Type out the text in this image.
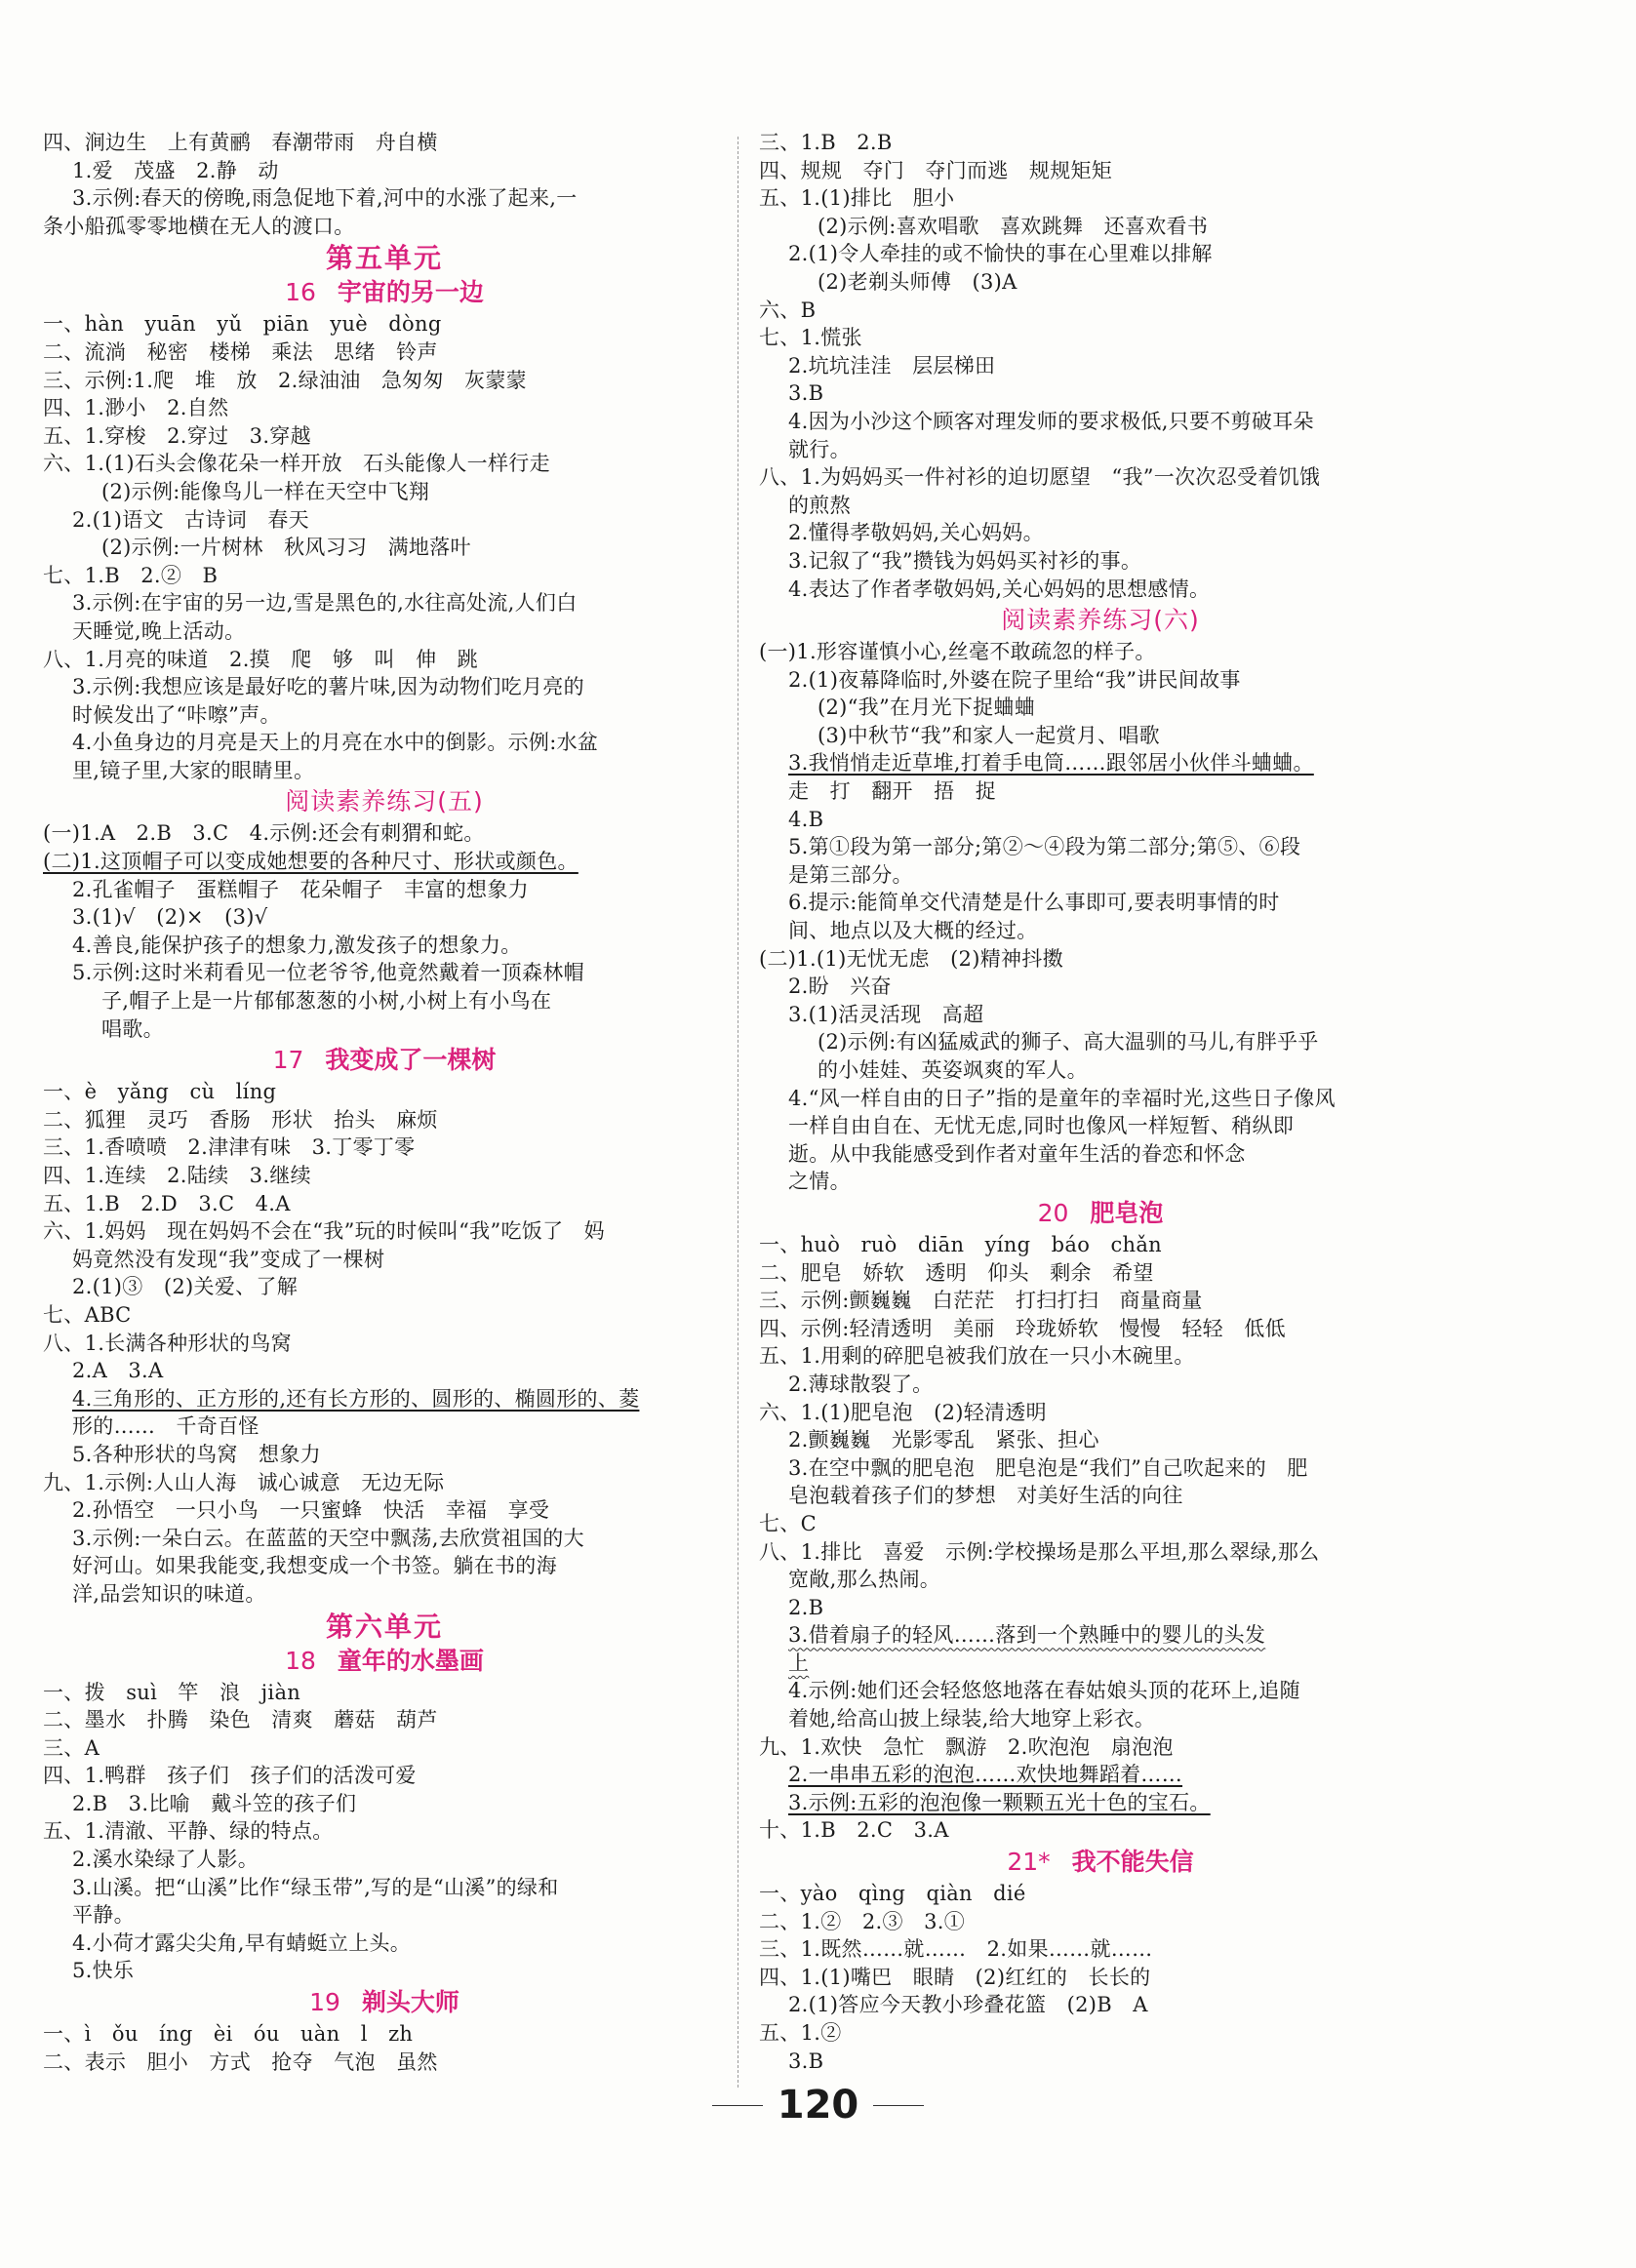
四、涧边生　上有黄鹂　春潮带雨　舟自横
1.爱　茂盛　2.静　动
3.示例:春天的傍晚,雨急促地下着,河中的水涨了起来,一
条小船孤零零地横在无人的渡口。
第五单元
16 宇宙的另一边
一、hàn　yuān　yǔ　piān　yuè　dòng
二、流淌　秘密　楼梯　乘法　思绪　铃声
三、示例:1.爬　堆　放　2.绿油油　急匆匆　灰蒙蒙
四、1.渺小　2.自然
五、1.穿梭　2.穿过　3.穿越
六、1.(1)石头会像花朵一样开放　石头能像人一样行走
(2)示例:能像鸟儿一样在天空中飞翔
2.(1)语文　古诗词　春天
(2)示例:一片树林　秋风习习　满地落叶
七、1.B　2.②　B
3.示例:在宇宙的另一边,雪是黑色的,水往高处流,人们白
天睡觉,晚上活动。
八、1.月亮的味道　2.摸　爬　够　叫　伸　跳
3.示例:我想应该是最好吃的薯片味,因为动物们吃月亮的
时候发出了“咔嚓”声。
4.小鱼身边的月亮是天上的月亮在水中的倒影。示例:水盆
里,镜子里,大家的眼睛里。
阅读素养练习(五)
(一)1.A　2.B　3.C　4.示例:还会有刺猬和蛇。
(二)1.这顶帽子可以变成她想要的各种尺寸、形状或颜色。
2.孔雀帽子　蛋糕帽子　花朵帽子　丰富的想象力
3.(1)√　(2)×　(3)√
4.善良,能保护孩子的想象力,激发孩子的想象力。
5.示例:这时米莉看见一位老爷爷,他竟然戴着一顶森林帽
子,帽子上是一片郁郁葱葱的小树,小树上有小鸟在
唱歌。
17 我变成了一棵树
一、è　yǎng　cù　líng
二、狐狸　灵巧　香肠　形状　抬头　麻烦
三、1.香喷喷　2.津津有味　3.丁零丁零
四、1.连续　2.陆续　3.继续
五、1.B　2.D　3.C　4.A
六、1.妈妈　现在妈妈不会在“我”玩的时候叫“我”吃饭了　妈
妈竟然没有发现“我”变成了一棵树
2.(1)③　(2)关爱、了解
七、ABC
八、1.长满各种形状的鸟窝
2.A　3.A
4.三角形的、正方形的,还有长方形的、圆形的、椭圆形的、菱
形的……　千奇百怪
5.各种形状的鸟窝　想象力
九、1.示例:人山人海　诚心诚意　无边无际
2.孙悟空　一只小鸟　一只蜜蜂　快活　幸福　享受
3.示例:一朵白云。在蓝蓝的天空中飘荡,去欣赏祖国的大
好河山。如果我能变,我想变成一个书签。躺在书的海
洋,品尝知识的味道。
第六单元
18 童年的水墨画
一、拨　suì　竿　浪　jiàn
二、墨水　扑腾　染色　清爽　蘑菇　葫芦
三、A
四、1.鸭群　孩子们　孩子们的活泼可爱
2.B　3.比喻　戴斗笠的孩子们
五、1.清澈、平静、绿的特点。
2.溪水染绿了人影。
3.山溪。把“山溪”比作“绿玉带”,写的是“山溪”的绿和
平静。
4.小荷才露尖尖角,早有蜻蜓立上头。
5.快乐
19 剃头大师
一、ì　ǒu　íng　èi　óu　uàn　l　zh
二、表示　胆小　方式　抢夺　气泡　虽然
三、1.B　2.B
四、规规　夺门　夺门而逃　规规矩矩
五、1.(1)排比　胆小
(2)示例:喜欢唱歌　喜欢跳舞　还喜欢看书
2.(1)令人牵挂的或不愉快的事在心里难以排解
(2)老剃头师傅　(3)A
六、B
七、1.慌张
2.坑坑洼洼　层层梯田
3.B
4.因为小沙这个顾客对理发师的要求极低,只要不剪破耳朵
就行。
八、1.为妈妈买一件衬衫的迫切愿望　“我”一次次忍受着饥饿
的煎熬
2.懂得孝敬妈妈,关心妈妈。
3.记叙了“我”攒钱为妈妈买衬衫的事。
4.表达了作者孝敬妈妈,关心妈妈的思想感情。
阅读素养练习(六)
(一)1.形容谨慎小心,丝毫不敢疏忽的样子。
2.(1)夜幕降临时,外婆在院子里给“我”讲民间故事
(2)“我”在月光下捉蛐蛐
(3)中秋节“我”和家人一起赏月、唱歌
3.我悄悄走近草堆,打着手电筒……跟邻居小伙伴斗蛐蛐。
走　打　翻开　捂　捉
4.B
5.第①段为第一部分;第②～④段为第二部分;第⑤、⑥段
是第三部分。
6.提示:能简单交代清楚是什么事即可,要表明事情的时
间、地点以及大概的经过。
(二)1.(1)无忧无虑　(2)精神抖擞
2.盼　兴奋
3.(1)活灵活现　高超
(2)示例:有凶猛威武的狮子、高大温驯的马儿,有胖乎乎
的小娃娃、英姿飒爽的军人。
4.“风一样自由的日子”指的是童年的幸福时光,这些日子像风
一样自由自在、无忧无虑,同时也像风一样短暂、稍纵即
逝。从中我能感受到作者对童年生活的眷恋和怀念
之情。
20 肥皂泡
一、huò　ruò　diān　yíng　báo　chǎn
二、肥皂　娇软　透明　仰头　剩余　希望
三、示例:颤巍巍　白茫茫　打扫打扫　商量商量
四、示例:轻清透明　美丽　玲珑娇软　慢慢　轻轻　低低
五、1.用剩的碎肥皂被我们放在一只小木碗里。
2.薄球散裂了。
六、1.(1)肥皂泡　(2)轻清透明
2.颤巍巍　光影零乱　紧张、担心
3.在空中飘的肥皂泡　肥皂泡是“我们”自己吹起来的　肥
皂泡载着孩子们的梦想　对美好生活的向往
七、C
八、1.排比　喜爱　示例:学校操场是那么平坦,那么翠绿,那么
宽敞,那么热闹。
2.B
3.借着扇子的轻风……落到一个熟睡中的婴儿的头发
上
4.示例:她们还会轻悠悠地落在春姑娘头顶的花环上,追随
着她,给高山披上绿装,给大地穿上彩衣。
九、1.欢快　急忙　飘游　2.吹泡泡　扇泡泡
2.一串串五彩的泡泡……欢快地舞蹈着……
3.示例:五彩的泡泡像一颗颗五光十色的宝石。
十、1.B　2.C　3.A
21* 我不能失信
一、yào　qìng　qiàn　dié
二、1.②　2.③　3.①
三、1.既然……就……　2.如果……就……
四、1.(1)嘴巴　眼睛　(2)红红的　长长的
2.(1)答应今天教小珍叠花篮　(2)B　A
五、1.②
3.B
120
